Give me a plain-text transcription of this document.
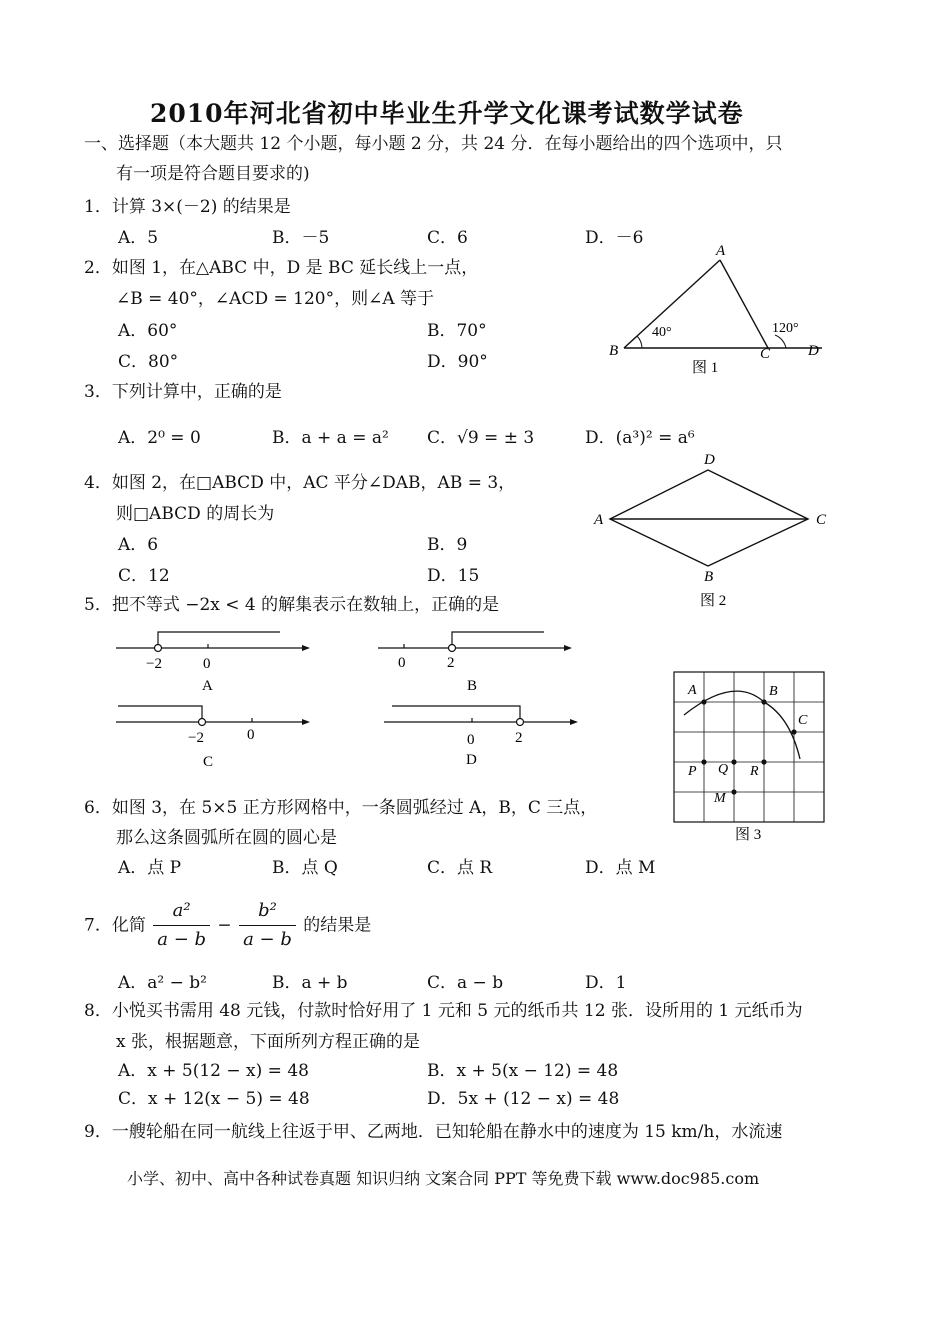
2010年河北省初中毕业生升学文化课考试数学试卷
一、选择题（本大题共 12 个小题，每小题 2 分，共 24 分．在每小题给出的四个选项中，只
有一项是符合题目要求的)
1．计算 3×(－2) 的结果是
A．5	B．－5	C．6	D．－6
2．如图 1，在△ABC 中，D 是 BC 延长线上一点，
∠B = 40°，∠ACD = 120°，则∠A 等于
A．60°	B．70°
C．80°	D．90°
A
B	C	D
40°	120°
图 1
3．下列计算中，正确的是
A．2⁰ = 0	B．a + a = a² C．√9 = ± 3	D．(a³)² = a⁶
4．如图 2，在□ABCD 中，AC 平分∠DAB，AB = 3，
则□ABCD 的周长为
A．6	B．9
C．12	D．15
D
A	C
B
图 2
5．把不等式 −2x < 4 的解集表示在数轴上，正确的是
−2	0
A
0	2
B
−2	0
C
0	2
D
A	B
C
P Q R
M
图 3
6．如图 3，在 5×5 正方形网格中，一条圆弧经过 A，B，C 三点，
那么这条圆弧所在圆的圆心是
A．点 P	B．点 Q	C．点 R	D．点 M
7．化简 $\frac{\text{a²}}{a - b} - \frac{\text{b²}}{a - b}$ 的结果是
A．a² − b²	B．a + b	C．a − b	D．1
8．小悦买书需用 48 元钱，付款时恰好用了 1 元和 5 元的纸币共 12 张．设所用的 1 元纸币为
x 张，根据题意，下面所列方程正确的是
A．x + 5(12 − x) = 48	B．x + 5(x − 12) = 48
C．x + 12(x − 5) = 48	D．5x + (12 − x) = 48
9．一艘轮船在同一航线上往返于甲、乙两地．已知轮船在静水中的速度为 15 km/h，水流速
小学、初中、高中各种试卷真题 知识归纳 文案合同 PPT 等免费下载 www.doc985.com
